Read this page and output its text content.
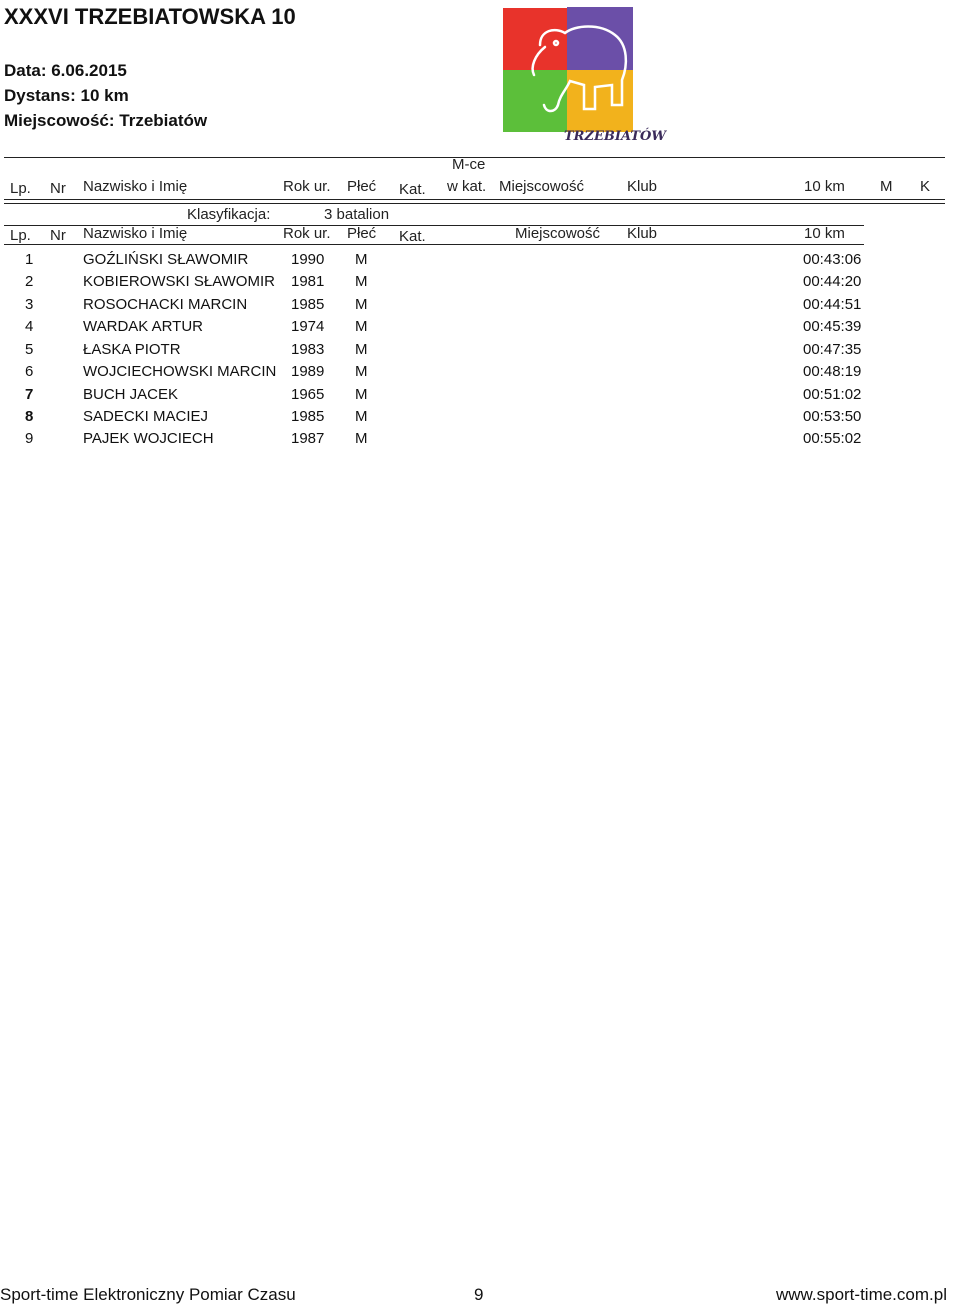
XXXVI TRZEBIATOWSKA 10
Data: 6.06.2015
Dystans: 10 km
Miejscowość: Trzebiatów
TRZEBIATÓW
M-ce
Lp. Nr Nazwisko i Imię	Rok ur. Płeć Kat. w kat. Miejscowość	Klub	10 km M K
Klasyfikacja:	3 batalion
Lp. Nr Nazwisko i Imię	Rok ur. Płeć Kat.	Miejscowość Klub	10 km
1	GOŹLIŃSKI SŁAWOMIR	1990 M	00:43:06
2	KOBIEROWSKI SŁAWOMIR 1981 M	00:44:20
3	ROSOCHACKI MARCIN	1985 M	00:44:51
4	WARDAK ARTUR	1974 M	00:45:39
5	ŁASKA PIOTR	1983 M	00:47:35
6	WOJCIECHOWSKI MARCIN 1989 M	00:48:19
7	BUCH JACEK	1965 M	00:51:02
8	SADECKI MACIEJ	1985 M	00:53:50
9	PAJEK WOJCIECH	1987 M	00:55:02
Sport-time Elektroniczny Pomiar Czasu	9	www.sport-time.com.pl
